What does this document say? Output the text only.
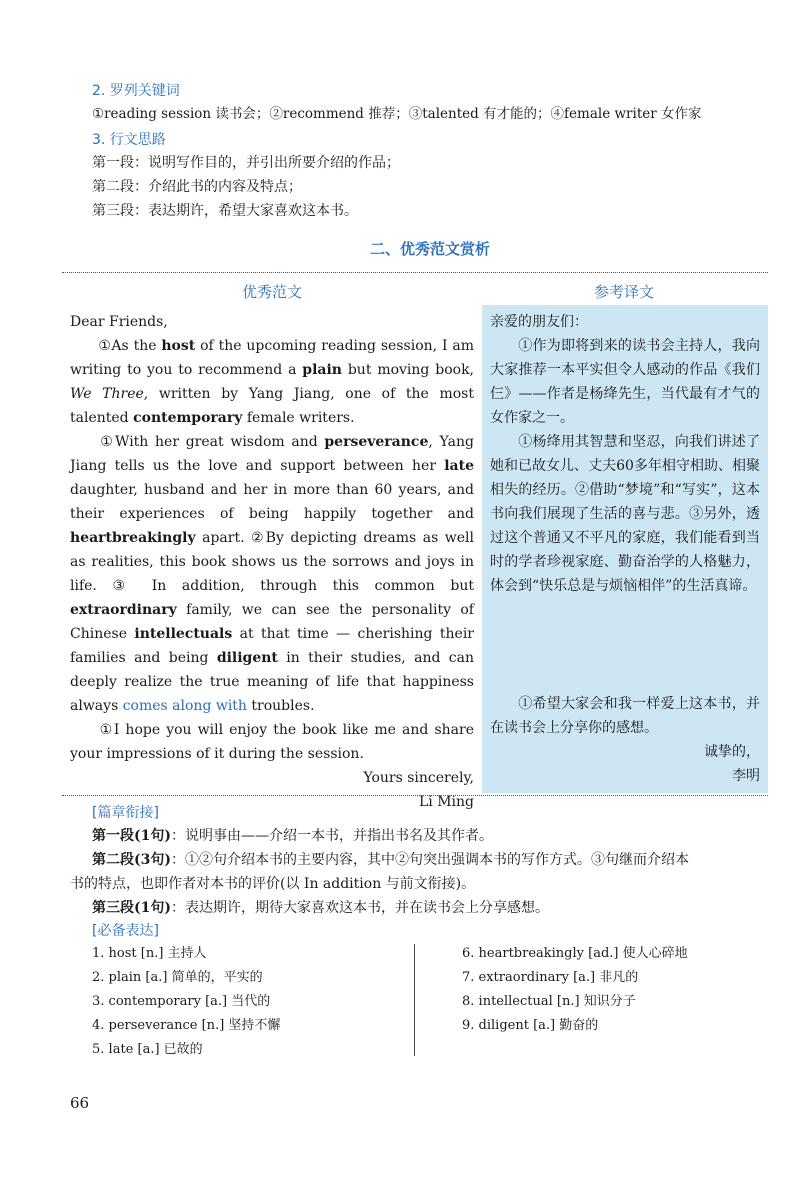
2. 罗列关键词
①reading session 读书会；②recommend 推荐；③talented 有才能的；④female writer 女作家
3. 行文思路
第一段：说明写作目的，并引出所要介绍的作品；
第二段：介绍此书的内容及特点；
第三段：表达期许，希望大家喜欢这本书。
二、优秀范文赏析
优秀范文	参考译文

Dear Friends,

①As the host of the upcoming reading session, I am writing to you to recommend a plain but moving book, We Three, written by Yang Jiang, one of the most talented contemporary female writers.

①With her great wisdom and perseverance, Yang Jiang tells us the love and support between her late daughter, husband and her in more than 60 years, and their experiences of being happily together and heartbreakingly apart. ②By depicting dreams as well as realities, this book shows us the sorrows and joys in life. ③ In addition, through this common but extraordinary family, we can see the personality of Chinese intellectuals at that time — cherishing their families and being diligent in their studies, and can deeply realize the true meaning of life that happiness always comes along with troubles.

①I hope you will enjoy the book like me and share your impressions of it during the session.

Yours sincerely,

Li Ming

亲爱的朋友们：

①作为即将到来的读书会主持人，我向大家推荐一本平实但令人感动的作品《我们仨》——作者是杨绛先生，当代最有才气的女作家之一。

①杨绛用其智慧和坚忍，向我们讲述了她和已故女儿、丈夫60多年相守相助、相聚相失的经历。②借助“梦境”和“写实”，这本书向我们展现了生活的喜与悲。③另外，透过这个普通又不平凡的家庭，我们能看到当时的学者珍视家庭、勤奋治学的人格魅力，体会到“快乐总是与烦恼相伴”的生活真谛。

①希望大家会和我一样爱上这本书，并在读书会上分享你的感想。

诚挚的，

李明

[篇章衔接]
第一段(1句)：说明事由——介绍一本书，并指出书名及其作者。
第二段(3句)：①②句介绍本书的主要内容，其中②句突出强调本书的写作方式。③句继而介绍本
书的特点，也即作者对本书的评价(以 In addition 与前文衔接)。
第三段(1句)：表达期许，期待大家喜欢这本书，并在读书会上分享感想。
[必备表达]
1. host [n.] 主持人
2. plain [a.] 简单的，平实的
3. contemporary [a.] 当代的
4. perseverance [n.] 坚持不懈
5. late [a.] 已故的
6. heartbreakingly [ad.] 使人心碎地
7. extraordinary [a.] 非凡的
8. intellectual [n.] 知识分子
9. diligent [a.] 勤奋的
66
